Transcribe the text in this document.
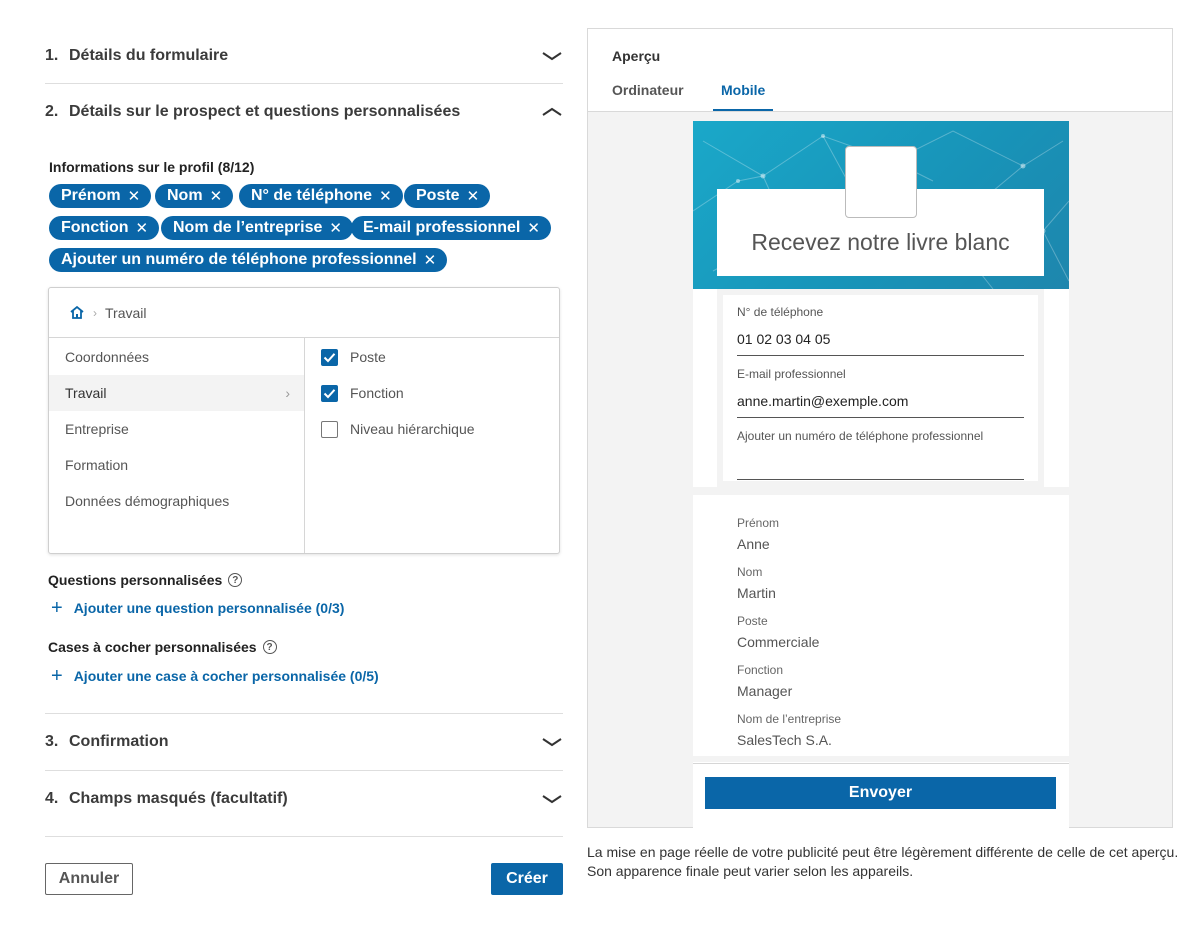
1. Détails du formulaire
2. Détails sur le prospect et questions personnalisées
Informations sur le profil (8/12)
Prénom ✕ Nom ✕ N° de téléphone ✕ Poste ✕
Fonction ✕ Nom de l’entreprise ✕ E-mail professionnel ✕
Ajouter un numéro de téléphone professionnel ✕
› Travail
Coordonnées
Travail	›
Entreprise
Formation
Données démographiques
Poste
Fonction
Niveau hiérarchique
Questions personnalisées ?
+ Ajouter une question personnalisée (0/3)
Cases à cocher personnalisées ?
+ Ajouter une case à cocher personnalisée (0/5)
3. Confirmation
4. Champs masqués (facultatif)
Annuler	Créer
Aperçu
Ordinateur	Mobile
Recevez notre livre blanc
N° de téléphone
01 02 03 04 05
E-mail professionnel
anne.martin@exemple.com
Ajouter un numéro de téléphone professionnel
Prénom
Anne
Nom
Martin
Poste
Commerciale
Fonction
Manager
Nom de l’entreprise
SalesTech S.A.
Envoyer
La mise en page réelle de votre publicité peut être légèrement différente de celle de cet aperçu.
Son apparence finale peut varier selon les appareils.
